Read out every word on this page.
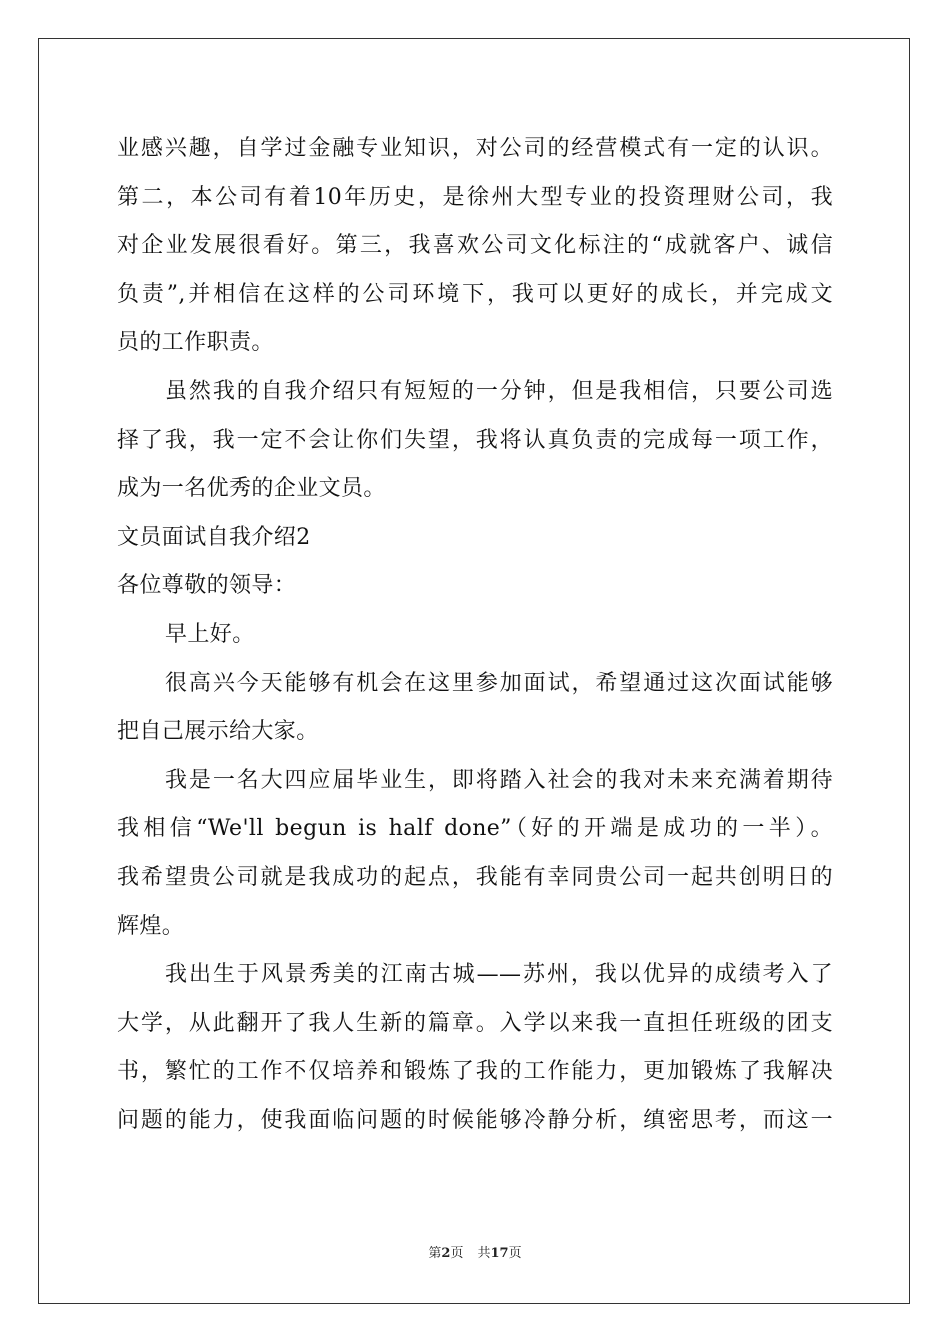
业感兴趣，自学过金融专业知识，对公司的经营模式有一定的认识。
第二，本公司有着10年历史，是徐州大型专业的投资理财公司，我
对企业发展很看好。第三，我喜欢公司文化标注的“成就客户、诚信
负责”,并相信在这样的公司环境下，我可以更好的成长，并完成文
员的工作职责。
虽然我的自我介绍只有短短的一分钟，但是我相信，只要公司选
择了我，我一定不会让你们失望，我将认真负责的完成每一项工作，
成为一名优秀的企业文员。
文员面试自我介绍2
各位尊敬的领导：
早上好。
很高兴今天能够有机会在这里参加面试，希望通过这次面试能够
把自己展示给大家。
我是一名大四应届毕业生，即将踏入社会的我对未来充满着期待
我相信“We'll begun is half done”（好的开端是成功的一半）。
我希望贵公司就是我成功的起点，我能有幸同贵公司一起共创明日的
辉煌。
我出生于风景秀美的江南古城——苏州，我以优异的成绩考入了
大学，从此翻开了我人生新的篇章。入学以来我一直担任班级的团支
书，繁忙的工作不仅培养和锻炼了我的工作能力，更加锻炼了我解决
问题的能力，使我面临问题的时候能够冷静分析，缜密思考，而这一
第2页 共17页
